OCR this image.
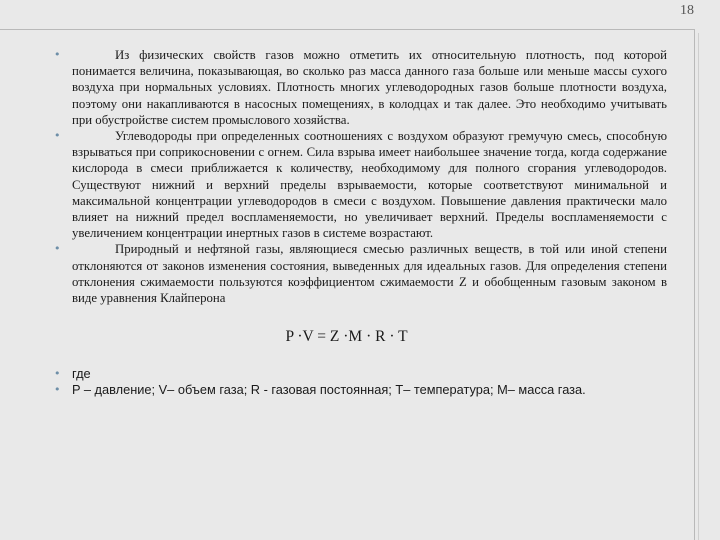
18
•	Из физических свойств газов можно отметить их относительную плотность, под которой понимается величина, показывающая, во сколько раз масса данного газа больше или меньше массы сухого воздуха при нормальных условиях. Плотность многих углеводородных газов больше плотности воздуха, поэтому они накапливаются в насосных помещениях, в колодцах и так далее. Это необходимо учитывать при обустройстве систем промыслового хозяйства.

•	Углеводороды при определенных соотношениях с воздухом образуют гремучую смесь, способную взрываться при соприкосновении с огнем. Сила взрыва имеет наибольшее значение тогда, когда содержание кислорода в смеси приближается к количеству, необходимому для полного сгорания углеводородов. Существуют нижний и верхний пределы взрываемости, которые соответствуют минимальной и максимальной концентрации углеводородов в смеси с воздухом. Повышение давления практически мало влияет на нижний предел воспламеняемости, но увеличивает верхний. Пределы воспламеняемости с увеличением концентрации инертных газов в системе возрастают.

•	Природный и нефтяной газы, являющиеся смесью различных веществ, в той или иной степени отклоняются от законов изменения состояния, выведенных для идеальных газов. Для определения степени отклонения сжимаемости пользуются коэффициентом сжимаемости Z и обобщенным газовым законом в виде уравнения Клайперона

P ·V = Z ·M · R · T
• где

• P – давление; V– объем газа; R - газовая постоянная; T– температура; M– масса газа.
